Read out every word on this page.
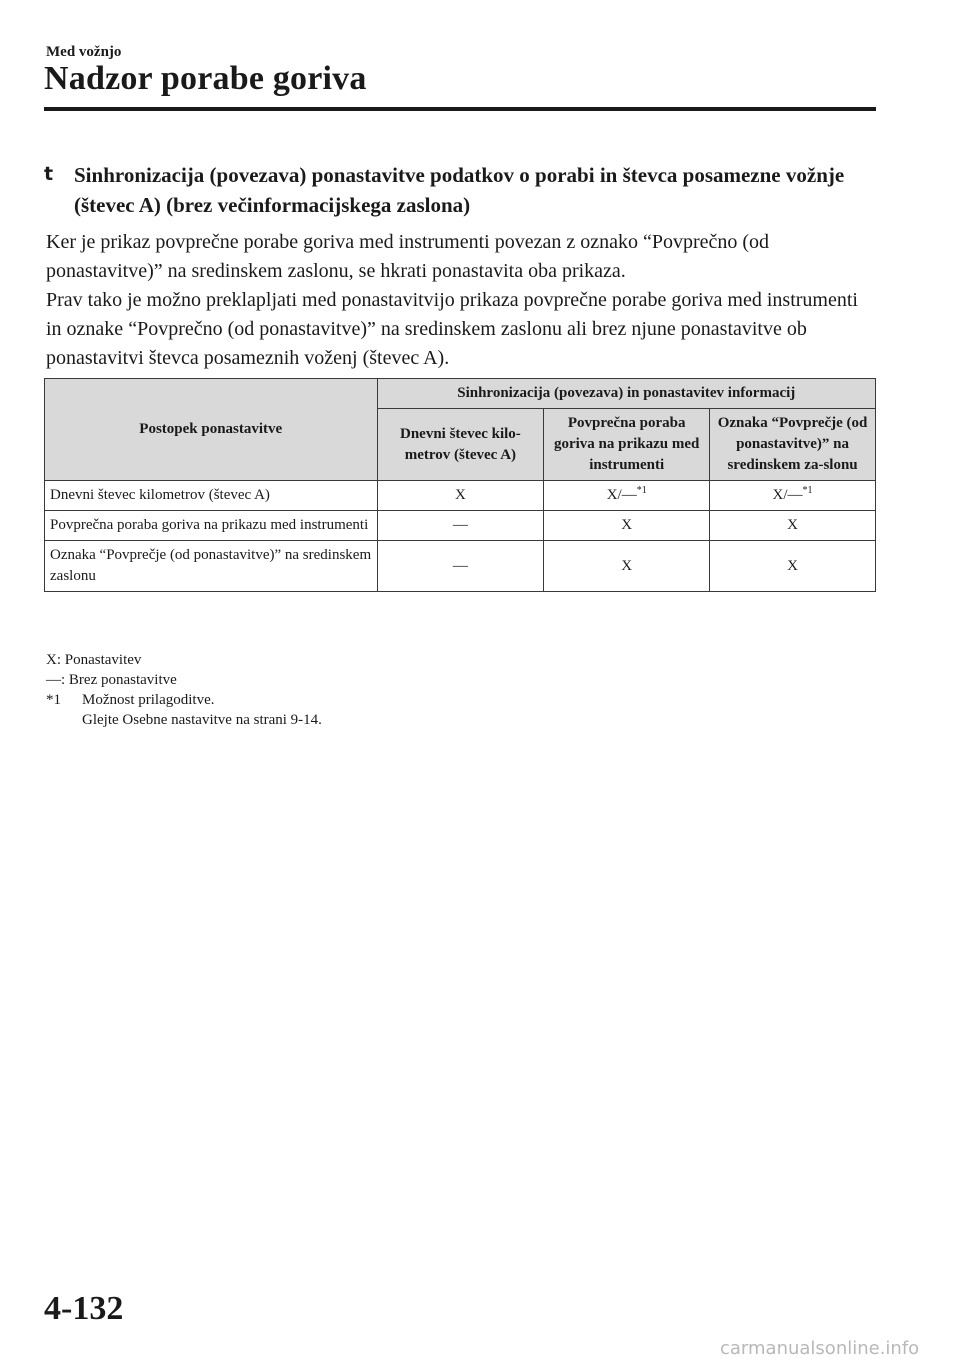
Med vožnjo
Nadzor porabe goriva
t Sinhronizacija (povezava) ponastavitve podatkov o porabi in števca posamezne vožnje (števec A) (brez večinformacijskega zaslona)

Ker je prikaz povprečne porabe goriva med instrumenti povezan z oznako “Povprečno (od ponastavitve)” na sredinskem zaslonu, se hkrati ponastavita oba prikaza.

Prav tako je možno preklapljati med ponastavitvijo prikaza povprečne porabe goriva med instrumenti in oznake “Povprečno (od ponastavitve)” na sredinskem zaslonu ali brez njune ponastavitve ob ponastavitvi števca posameznih voženj (števec A).

Postopek ponastavitve	Sinhronizacija (povezava) in ponastavitev informacij		
	Dnevni števec kilo-metrov (števec A)	Povprečna poraba goriva na prikazu med instrumenti	Oznaka “Povprečje (od ponastavitve)” na sredinskem za-slonu
Dnevni števec kilometrov (števec A)	X	X/—$^{*1}$	X/—$^{*1}$
Povprečna poraba goriva na prikazu med instrumenti	—	X	X
Oznaka “Povprečje (od ponastavitve)” na sredinskem zaslonu	—	X	X
X: Ponastavitev
—: Brez ponastavitve
*1	Možnost prilagoditve.
Glejte Osebne nastavitve na strani 9-14.
4-132
carmanualsonline.info
